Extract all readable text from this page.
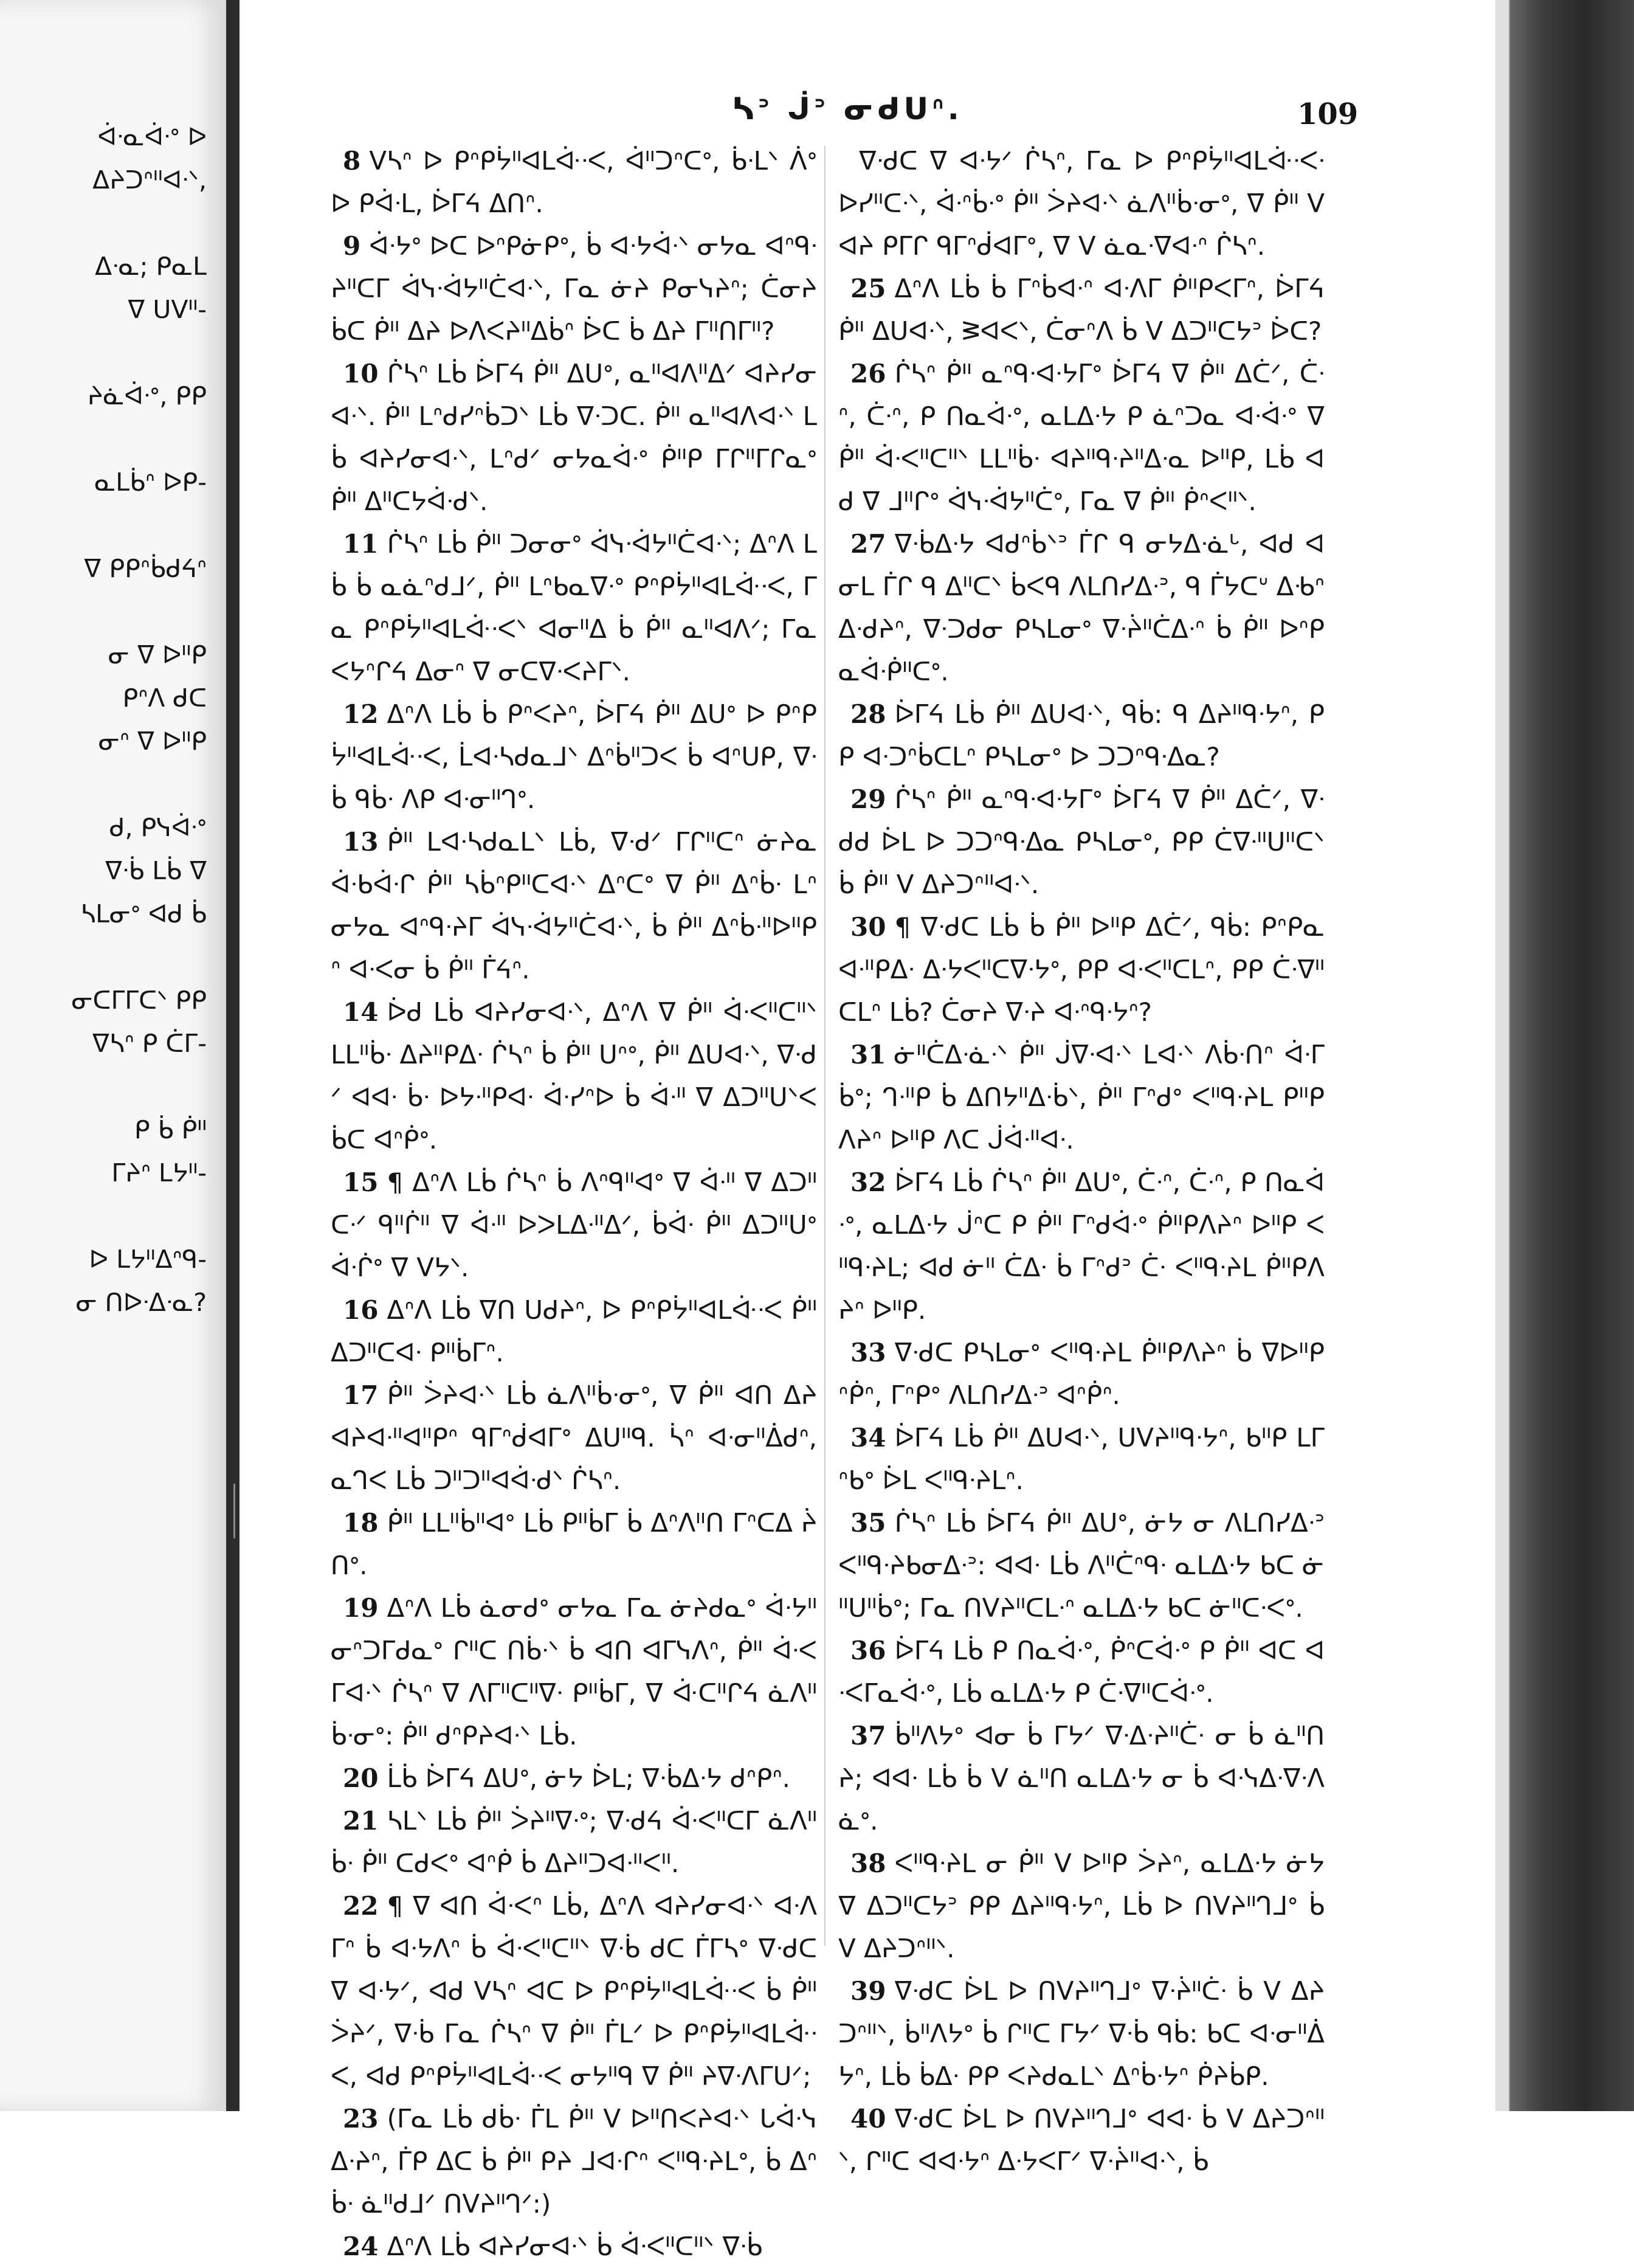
ᐋᐧᓇᐋᐧᐤ ᐅ
ᐃᔨᑐᐢᐦᐊᐧᐠ,

ᐃᐧᓇ; ᑭᓇᒪ
ᐁ ᑌᐯᐦ-

ᔨᓈᐋᐧᐤ, ᑭᑭ

ᓇᒪᑳᐢ ᐅᑭ-

ᐁ ᑭᑭᐢᑳᑯᔦᐢ

ᓂ ᐁ ᐅᐦᑭ
ᑭᐢᐱ ᑯᑕ
ᓂᐢ ᐁ ᐅᐦᑭ

ᑯ, ᑭᓭᐋᐧᐤ
ᐁᐧᑳ ᒪᑳ ᐁ
ᓴᒪᓂᐤ ᐊᑯ ᑳ

ᓂᑕᒥᒥᑕᐠ ᑭᑭ
ᐁᓴᐢ ᑭ ᑖᒥ-

ᑭ ᑳ ᑮᐦ
ᒥᔨᐢ ᒪᔭᐦ-

ᐅ ᒪᔭᐦᐃᐢᑫ-
ᓂ ᑎᐅᐧᐃᐧᓇ?
ᓴᐣ ᒎᐣ ᓂᑯᑌᐢ.	109

8 ᐯᓴᐢ ᐅ ᑭᐢᑭᔮᐦᐊᒪᐚᐧᐸ, ᐋᐦᑐᐢᑕᐤ, ᑳᐧᒪᐠ ᐲᐤ ᐅ ᑭᐋᐧᒪ, ᐆᒥᔦ ᐃᑎᐢ.

9 ᐋᐧᔭᐤ ᐅᑕ ᐅᐢᑭᓃᑭᐤ, ᑳ ᐊᐧᔭᐋᐧᐠ ᓂᔭᓇ ᐊᐢᑫᐧᔨᐦᑕᒥ ᐋᓭᐧᐋᔭᐦᑖᐊᐧᐠ, ᒥᓇ ᓃᔨ ᑭᓂᓭᔨᐢ; ᑖᓂᔨ ᑳᑕ ᑮᐦ ᐃᔨ ᐅᐱᐸᔨᐦᐃᑳᐢ ᐆᑕ ᑳ ᐃᔨ ᒥᐦᑎᒥᐦ?

10 ᒌᓴᐢ ᒪᑳ ᐆᒥᔦ ᑮᐦ ᐃᑌᐤ, ᓇᐦᐊᐱᐦᐃᐟ ᐊᔨᓯᓂᐊᐧᐠ. ᑮᐦ ᒪᐢᑯᓯᐢᑳᑐᐠ ᒪᑳ ᐁᐧᑐᑕ. ᑮᐦ ᓇᐦᐊᐱᐊᐧᐠ ᒪᑳ ᐊᔨᓯᓂᐊᐧᐠ, ᒪᐢᑯᐟ ᓂᔭᓇᐋᐧᐤ ᑮᐦᑭ ᒥᒋᐦᒥᒋᓇᐤ ᑮᐦ ᐃᐦᑕᔭᐋᐧᑯᐠ.

11 ᒌᓴᐢ ᒪᑳ ᑮᐦ ᑐᓂᓂᐤ ᐋᓭᐧᐋᔭᐦᑖᐊᐧᐠ; ᐃᐢᐱ ᒪᑳ ᑳ ᓇᓈᐢᑯᒧᐟ, ᑮᐦ ᒪᐢᑲᓇᐁᐧᐤ ᑭᐢᑭᔮᐦᐊᒪᐚᐧᐸ, ᒥᓇ ᑭᐢᑭᔮᐦᐊᒪᐚᐧᐸᐠ ᐊᓂᐦᐃ ᑳ ᑮᐦ ᓇᐦᐊᐱᐟ; ᒥᓇ ᐸᔭᐢᒋᔦ ᐃᓂᐢ ᐁ ᓂᑕᐁᐧᐸᔨᒥᐠ.

12 ᐃᐢᐱ ᒪᑳ ᑳ ᑭᐢᐸᔨᐢ, ᐆᒥᔦ ᑮᐦ ᐃᑌᐤ ᐅ ᑭᐢᑭᔮᐦᐊᒪᐚᐧᐸ, ᒫᐊᐧᓴᑯᓇᒧᐠ ᐃᐢᑳᐦᑐᐸ ᑳ ᐊᐢᑌᑭ, ᐁᐧᑳ ᑫᑳᐧ ᐱᑭ ᐊᐧᓂᐦᒉᐤ.

13 ᑮᐦ ᒪᐊᐧᓴᑯᓇᒪᐠ ᒪᑳ, ᐁᐧᑯᐟ ᒥᒋᐦᑕᐢ ᓃᔨᓇ ᐋᐧᑲᐋᐧᒋ ᑮᐦ ᓴᑳᐢᑭᐦᑕᐊᐧᐠ ᐃᐢᑕᐤ ᐁ ᑮᐦ ᐃᐢᑳᐧ ᒪᐢ ᓂᔭᓇ ᐊᐢᑫᐧᔨᒥ ᐋᓭᐧᐋᔭᐦᑖᐊᐧᐠ, ᑳ ᑮᐦ ᐃᐢᑳᐧᐦᐅᐦᑭᐢ ᐊᐧᐸᓂ ᑳ ᑮᐦ ᒦᔦᐢ.

14 ᐆᑯ ᒪᑳ ᐊᔨᓯᓂᐊᐧᐠ, ᐃᐢᐱ ᐁ ᑮᐦ ᐋᐧᐸᐦᑕᐦᐠ ᒪᒪᐦᑳᐧ ᐃᔨᐦᑭᐃᐧ ᒌᓴᐢ ᑳ ᑮᐦ ᑌᐢᐤ, ᑮᐦ ᐃᑌᐊᐧᐠ, ᐁᐧᑯᐟ ᐊᐊᐧ ᑳᐧ ᐅᔭᐧᐦᑭᐊᐧ ᐋᐧᓯᐢᐅ ᑳ ᐋᐧᐦ ᐁ ᐃᑐᐦᑌᐠᐸ ᑳᑕ ᐊᐢᑮᐤ.

15 ¶ ᐃᐢᐱ ᒪᑳ ᒌᓴᐢ ᑳ ᐱᐢᑫᐦᐊᐤ ᐁ ᐋᐧᐦ ᐁ ᐃᑐᐦᑕᐧᐟ ᑫᐦᒌᐦ ᐁ ᐋᐧᐦ ᐅᐳᒪᐃᐧᐦᐃᐟ, ᑳᐋᐧ ᑮᐦ ᐃᑐᐦᑌᐤ ᐋᐧᒌᐤ ᐁ ᐯᔭᐠ.

16 ᐃᐢᐱ ᒪᑳ ᐁᑎ ᑌᑯᔨᐢ, ᐅ ᑭᐢᑭᔮᐦᐊᒪᐚᐧᐸ ᑮᐦ ᐃᑐᐦᑕᐊᐧ ᑭᐦᑳᒥᐢ.

17 ᑮᐦ ᐴᔨᐊᐧᐠ ᒪᑳ ᓈᐱᐦᑳᐧᓂᐤ, ᐁ ᑮᐦ ᐊᑎ ᐃᔨ ᐊᔨᐊᐧᐦᐊᐦᑭᐢ ᑫᒥᐢᑰᐊᒥᐤ ᐃᑌᐦᑫ. ᓵᐢ ᐊᐧᓂᐦᐄᑯᐢ, ᓇᒉᐸ ᒪᑳ ᑐᐦᑐᐦᐊᐋᐧᑯᐠ ᒌᓴᐢ.

18 ᑮᐦ ᒪᒪᐦᑳᐦᐊᐤ ᒪᑳ ᑭᐦᑳᒥ ᑳ ᐃᐢᐱᐦᑎ ᒥᐢᑕᐃ ᔩᑎᐤ.

19 ᐃᐢᐱ ᒪᑳ ᓈᓂᑯᐤ ᓂᔭᓇ ᒥᓇ ᓃᔨᑯᓇᐤ ᐋᐧᔭᐦ ᓂᐢᑐᒥᑯᓇᐤ ᒋᐦᑕ ᑎᑳᐧᐠ ᑳ ᐊᑎ ᐊᒥᓭᐱᐢ, ᑮᐦ ᐋᐧᐸᒥᐊᐧᐠ ᒌᓴᐢ ᐁ ᐱᒥᐦᑕᐦᐁᐧ ᑭᐦᑳᒥ, ᐁ ᐚᑕᐦᒋᔦ ᓈᐱᐦᑳᐧᓂᐤ: ᑮᐦ ᑯᐢᑭᔨᐊᐧᐠ ᒪᑳ.

20 ᒫᑳ ᐆᒥᔦ ᐃᑌᐤ, ᓃᔭ ᐆᒪ; ᐁᐧᑳᐃᐧᔭ ᑯᐢᑭᐢ.

21 ᓴᒪᐠ ᒪᑳ ᑮᐦ ᐴᔨᐦᐁᐧᐤ; ᐁᐧᑯᔦ ᐋᐧᐸᐦᑕᒥ ᓈᐱᐦᑳᐧ ᑮᐦ ᑕᑯᐸᐤ ᐊᐢᑮ ᑳ ᐃᔨᐦᑐᐊᐧᐦᐸᐦ.

22 ¶ ᐁ ᐊᑎ ᐋᐧᐸᐢ ᒪᑳ, ᐃᐢᐱ ᐊᔨᓯᓂᐊᐧᐠ ᐊᐧᐱᒥᐢ ᑳ ᐊᐧᔭᐱᐢ ᑳ ᐋᐧᐸᐦᑕᐦᐠ ᐁᐧᑳ ᑯᑕ ᒦᒥᓴᐤ ᐁᐧᑯᑕ ᐁ ᐊᐧᔭᐟ, ᐊᑯ ᐯᓴᐢ ᐊᑕ ᐅ ᑭᐢᑭᔮᐦᐊᒪᐚᐧᐸ ᑳ ᑮᐦ ᐴᔨᐟ, ᐁᐧᑳ ᒥᓇ ᒌᓴᐢ ᐁ ᑮᐦ ᒦᒪᐟ ᐅ ᑭᐢᑭᔮᐦᐊᒪᐚᐧᐸ, ᐊᑯ ᑭᐢᑭᔮᐦᐊᒪᐚᐧᐸ ᓂᔭᐦᑫ ᐁ ᑮᐦ ᔨᐁᐧᐱᒥᑌᐟ;

23 (ᒥᓇ ᒪᑳ ᑯᑳᐧ ᒦᒪ ᑮᐦ ᐯ ᐅᐦᑎᐸᔨᐊᐧᐠ ᒐᐋᐧᓭᐃᐧᔨᐢ, ᒦᑭ ᐃᑕ ᑳ ᑮᐦ ᑭᔨ ᒧᐊᐧᒋᐢ ᐸᐦᑫᐧᔨᒪᐤ, ᑳ ᐃᐢᑳᐧ ᓈᐦᑯᒧᐟ ᑎᐯᔨᐦᒉᐟ:)

24 ᐃᐢᐱ ᒪᑳ ᐊᔨᓯᓂᐊᐧᐠ ᑳ ᐋᐧᐸᐦᑕᐦᐠ ᐁᐧᑳ

ᐁᐧᑯᑕ ᐁ ᐊᐧᔭᐟ ᒌᓴᐢ, ᒥᓇ ᐅ ᑭᐢᑭᔮᐦᐊᒪᐚᐧᐸᐧ ᐅᓯᐦᑕᐧᐠ, ᐋᐧᐢᑳᐧᐤ ᑮᐦ ᐴᔨᐊᐧᐠ ᓈᐱᐦᑳᐧᓂᐤ, ᐁ ᑮᐦ ᐯ ᐊᔨ ᑭᒥᒋ ᑫᒥᐢᑰᐊᒥᐤ, ᐁ ᐯ ᓈᓇᐧᐁᐊᐧᐢ ᒌᓴᐢ.

25 ᐃᐢᐱ ᒪᑳ ᑳ ᒥᐢᑳᐊᐧᐢ ᐊᐧᐱᒥ ᑮᐦᑭᐸᒥᐢ, ᐆᒥᔦ ᑮᐦ ᐃᑌᐊᐧᐠ, ᕒᐊᐸᐠ, ᑖᓂᐢᐱ ᑳ ᐯ ᐃᑐᐦᑕᔭᐣ ᐆᑕ?

26 ᒌᓴᐢ ᑮᐦ ᓇᐢᑫᐧᐊᐧᔭᒥᐤ ᐆᒥᔦ ᐁ ᑮᐦ ᐃᑖᐟ, ᑖᐧᐢ, ᑖᐧᐢ, ᑭ ᑎᓇᐋᐧᐤ, ᓇᒪᐃᐧᔭ ᑭ ᓈᐢᑐᓇ ᐊᐧᐋᐧᐤ ᐁ ᑮᐦ ᐋᐧᐸᐦᑕᐦᐠ ᒪᒪᐦᑳᐧ ᐊᔨᐦᑫᐧᔨᐦᐃᐧᓇ ᐅᐦᑭ, ᒪᑳ ᐊᑯ ᐁ ᒧᐦᒋᐤ ᐋᓭᐧᐋᔭᐦᑖᐤ, ᒥᓇ ᐁ ᑮᐦ ᑮᐢᐸᐦᐠ.

27 ᐁᐧᑳᐃᐧᔭ ᐊᑯᐢᑳᐠᐣ ᒦᒋ ᑫ ᓂᔭᐃᐧᓈᒡ, ᐊᑯ ᐊᓂᒪ ᒦᒋ ᑫ ᐃᐦᑕᐠ ᑳᐸᑫ ᐱᒪᑎᓯᐃᐧᐣ, ᑫ ᒦᔭᑕᐡ ᐃᑾᐢᐃᐧᑯᔨᐢ, ᐁᐧᑐᑯᓂ ᑭᓴᒪᓂᐤ ᐁᐧᔩᐦᑖᐃᐧᐢ ᑳ ᑮᐦ ᐅᐢᑭᓇᐋᐧᑮᐦᑕᐤ.

28 ᐆᒥᔦ ᒪᑳ ᑮᐦ ᐃᑌᐊᐧᐠ, ᑫᑳ: ᑫ ᐃᔨᐦᑫᐧᔭᐢ, ᑭᑭ ᐊᐧᑐᐢᑳᑕᒪᐢ ᑭᓴᒪᓂᐤ ᐅ ᑐᑐᐢᑫᐧᐃᓇ?

29 ᒌᓴᐢ ᑮᐦ ᓇᐢᑫᐧᐊᐧᔭᒥᐤ ᐆᒥᔦ ᐁ ᑮᐦ ᐃᑖᐟ, ᐁᐧᑯᑯ ᐆᒪ ᐅ ᑐᑐᐢᑫᐧᐃᓇ ᑭᓴᒪᓂᐤ, ᑭᑭ ᑖᐁᐧᐦᑌᐦᑕᐠ ᑳ ᑮᐦ ᐯ ᐃᔨᑐᐢᐦᐊᐧᐠ.

30 ¶ ᐁᐧᑯᑕ ᒪᑳ ᑳ ᑮᐦ ᐅᐦᑭ ᐃᑖᐟ, ᑫᑳ: ᑭᐢᑭᓇᐊᐧᐦᑭᐃᐧ ᐃᐧᔭᐸᐦᑕᐁᐧᔭᐤ, ᑭᑭ ᐊᐧᐸᐦᑕᒪᐢ, ᑭᑭ ᑖᐧᐁᐦᑕᒪᐢ ᒪᑳ? ᑖᓂᔨ ᐁᐧᔨ ᐊᐧᐢᑫᐧᔭᐢ?

31 ᓃᐦᑖᐃᐧᓈᐧᐠ ᑮᐦ ᒎᐁᐧᐊᐧᐠ ᒪᐊᐧᐠ ᐱᑳᐧᑎᐢ ᐋᐧᒥᑳᐤ; ᒉᐧᐦᑭ ᑳ ᐃᑎᔭᐦᐃᐧᑳᐠ, ᑮᐦ ᒥᐢᑯᐤ ᐸᐦᑫᐧᔨᒪ ᑭᐦᑭᐱᔨᐢ ᐅᐦᑭ ᐱᑕ ᒎᐋᐧᐦᐊᐧ.

32 ᐆᒥᔦ ᒪᑳ ᒌᓴᐢ ᑮᐦ ᐃᑌᐤ, ᑖᐧᐢ, ᑖᐧᐢ, ᑭ ᑎᓇᐋᐧᐤ, ᓇᒪᐃᐧᔭ ᒎᐢᑕ ᑭ ᑮᐦ ᒥᐢᑯᐋᐧᐤ ᑮᐦᑭᐱᔨᐢ ᐅᐦᑭ ᐸᐦᑫᐧᔨᒪ; ᐊᑯ ᓃᐦ ᑖᐃᐧ ᑳ ᒥᐢᑯᐣ ᑖᐧ ᐸᐦᑫᐧᔨᒪ ᑮᐦᑭᐱᔨᐢ ᐅᐦᑭ.

33 ᐁᐧᑯᑕ ᑭᓴᒪᓂᐤ ᐸᐦᑫᐧᔨᒪ ᑮᐦᑭᐱᔨᐢ ᑳ ᐁᐅᐦᑭᐢᑮᐢ, ᒥᐢᑭᐤ ᐱᒪᑎᓯᐃᐧᐣ ᐊᐢᑮᐢ.

34 ᐆᒥᔦ ᒪᑳ ᑮᐦ ᐃᑌᐊᐧᐠ, ᑌᐯᔨᐦᑫᐧᔭᐢ, ᑲᐦᑭ ᒪᒥᐢᑲᐤ ᐆᒪ ᐸᐦᑫᐧᔨᒪᐢ.

35 ᒌᓴᐢ ᒪᑳ ᐆᒥᔦ ᑮᐦ ᐃᑌᐤ, ᓃᔭ ᓂ ᐱᒪᑎᓯᐃᐧᐣ ᐸᐦᑫᐧᔨᑲᓂᐃᐧᐣ: ᐊᐊᐧ ᒪᑳ ᐱᐦᑖᐢᑫᐧ ᓇᒪᐃᐧᔭ ᑲᑕ ᓃᐦᑌᐦᑳᐤ; ᒥᓇ ᑎᐯᔨᐦᑕᒪᐧᐢ ᓇᒪᐃᐧᔭ ᑲᑕ ᓃᐦᑕᐧᐸᐤ.

36 ᐆᒥᔦ ᒪᑳ ᑭ ᑎᓇᐋᐧᐤ, ᑮᐢᑕᐋᐧᐤ ᑭ ᑮᐦ ᐊᑕ ᐊᐧᐸᒥᓇᐋᐧᐤ, ᒪᑳ ᓇᒪᐃᐧᔭ ᑭ ᑖᐧᐁᐦᑕᐋᐧᐤ.

37 ᑳᐦᐱᔭᐤ ᐊᓂ ᑳ ᒥᔭᐟ ᐁᐧᐃᐧᔨᐦᑖᐧ ᓂ ᑳ ᓈᐦᑎᔨ; ᐊᐊᐧ ᒪᑳ ᑳ ᐯ ᓈᐦᑎ ᓇᒪᐃᐧᔭ ᓂ ᑳ ᐊᐧᓭᐃᐧᐁᐧᐱᓈᐤ.

38 ᐸᐦᑫᐧᔨᒪ ᓂ ᑮᐦ ᐯ ᐅᐦᑭ ᐴᔨᐢ, ᓇᒪᐃᐧᔭ ᓃᔭ ᐁ ᐃᑐᐦᑕᔭᐣ ᑭᑭ ᐃᔨᐦᑫᐧᔭᐢ, ᒪᑳ ᐅ ᑎᐯᔨᐦᒉᒧᐤ ᑳ ᐯ ᐃᔨᑐᐢᐦᐠ.

39 ᐁᐧᑯᑕ ᐆᒪ ᐅ ᑎᐯᔨᐦᒉᒧᐤ ᐁᐧᔩᐦᑖᐧ ᑳ ᐯ ᐃᔨᑐᐢᐦᐠ, ᑳᐦᐱᔭᐤ ᑳ ᒋᐦᑕ ᒥᔭᐟ ᐁᐧᑳ ᑫᑳ: ᑲᑕ ᐊᐧᓂᐦᐄᔭᐢ, ᒪᑳ ᑳᐃᐧ ᑭᑭ ᐸᔨᑯᓇᒪᐠ ᐃᐢᑳᐧᔭᐢ ᑮᔨᑳᑭ.

40 ᐁᐧᑯᑕ ᐆᒪ ᐅ ᑎᐯᔨᐦᒉᒧᐤ ᐊᐊᐧ ᑳ ᐯ ᐃᔨᑐᐢᐦᐠ, ᒋᐦᑕ ᐊᐊᐧᔭᐢ ᐃᐧᔭᐸᒥᐟ ᐁᐧᔩᐦᐊᐧᐠ, ᑳ
